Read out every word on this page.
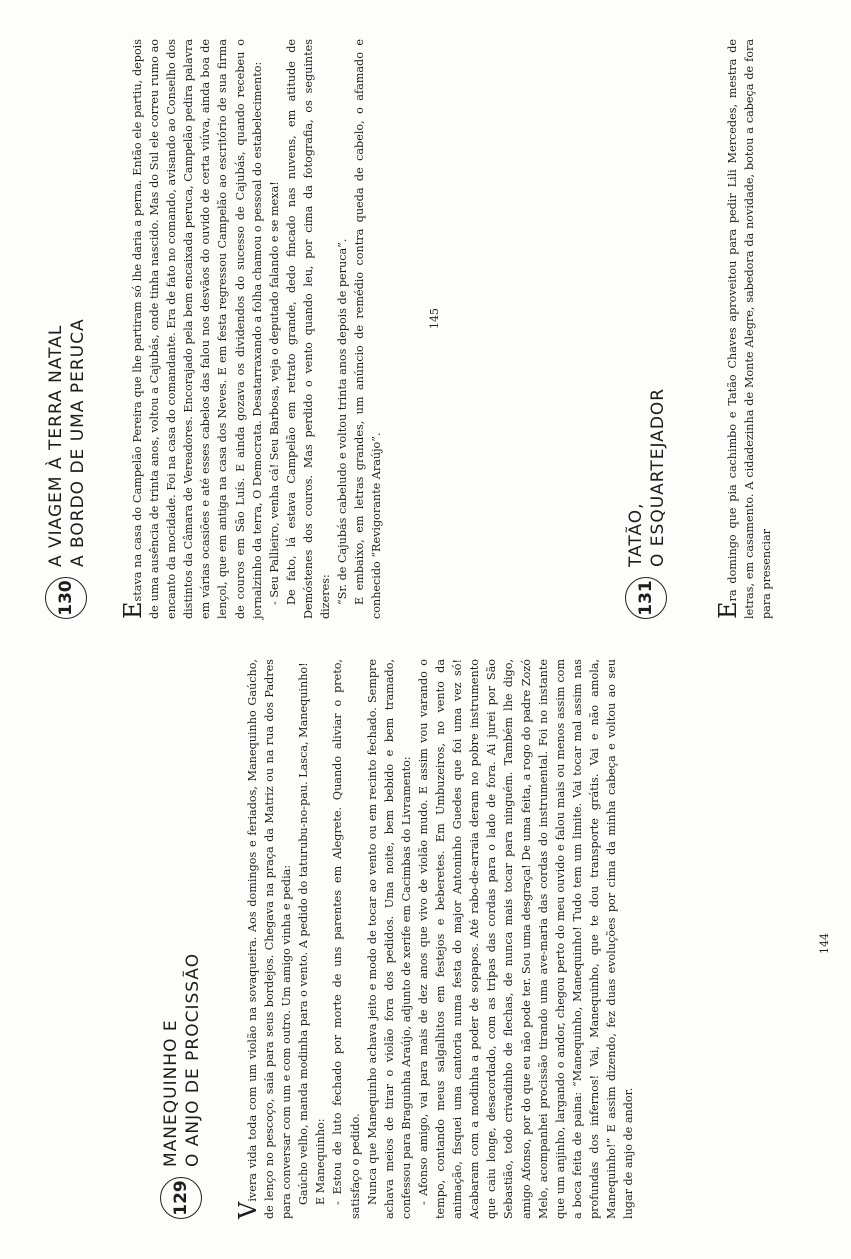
129
MANEQUINHO E O ANJO DE PROCISSÃO

Vivera vida toda com um violão na sovaqueira. Aos domingos e feriados, Manequinho Gaúcho, de lenço no pescoço, saía para seus bordejos. Chegava na praça da Matriz ou na rua dos Padres para conversar com um e com outro. Um amigo vinha e pedia: Gaúcho velho, manda modinha para o vento. A pedido do taturubu-no-pau. Lasca, Manequinho! E Manequinho: - Estou de luto fechado por morte de uns parentes em Alegrete. Quando aliviar o preto, satisfaço o pedido. Nunca que Manequinho achava jeito e modo de tocar ao vento ou em recinto fechado. Sempre achava meios de tirar o violão fora dos pedidos. Uma noite, bem bebido e bem tramado, confessou para Braguinha Araújo, adjunto de xerife em Cacimbas do Livramento: - Afonso amigo, vai para mais de dez anos que vivo de violão mudo. E assim vou varando o tempo, contando meus salgalhitos em festejos e beberetes. Em Umbuzeiros, no vento da animação, fisquei uma cantoria numa festa do major Antoninho Guedes que foi uma vez só! Acabaram com a modinha a poder de sopapos. Até rabo-de-arraia deram no pobre instrumento que caiu longe, desacordado, com as tripas das cordas para o lado de fora. Ai jurei por São Sebastião, todo crivadinho de flechas, de nunca mais tocar para ninguém. Também lhe digo, amigo Afonso, por do que eu não pode ter. Sou uma desgraça! De uma feita, a rogo do padre Zozó Melo, acompanhei procissão tirando uma ave-maria das cordas do instrumental. Foi no instante que um anjinho, largando o andor, chegou perto do meu ouvido e falou mais ou menos assim com a boca feita de paina: “Manequinho, Manequinho! Tudo tem um limite. Vai tocar mal assim nas profundas dos infernos! Vai, Manequinho, que te dou transporte grátis. Vai e não amola, Manequinho!” E assim dizendo, fez duas evoluções por cima da minha cabeça e voltou ao seu lugar de anjo de andor.

144
130
A VIAGEM À TERRA NATAL A BORDO DE UMA PERUCA

Estava na casa do Campelão Pereira que lhe partiram só lhe daria a perna. Então ele partiu, depois de uma ausência de trinta anos, voltou a Cajubás, onde tinha nascido. Mas do Sul ele correu rumo ao encanto da mocidade. Foi na casa do comandante. Era de fato no comando, avisando ao Conselho dos distintos da Câmara de Vereadores. Encorajado pela bem encaixada peruca, Campelão pedira palavra em várias ocasiões e até esses cabelos das falou nos desvãos do ouvido de certa viúva, ainda boa de lençol, que em antiga na casa dos Neves. E em festa regressou Campelão ao escritório de sua firma de couros em São Luís. E ainda gozava os dividendos do sucesso de Cajubás, quando recebeu o jornalzinho da terra, O Democrata. Desatarraxando a folha chamou o pessoal do estabelecimento: - Seu Pallieiro, venha cá! Seu Barbosa, veja o deputado falando e se mexa! De fato, lá estava Campelão em retrato grande, dedo fincado nas nuvens, em atitude de Demóstenes dos couros. Mas perdido o vento quando leu, por cima da fotografia, os seguintes dizeres: “Sr. de Cajubás cabeludo e voltou trinta anos depois de peruca”. E embaixo, em letras grandes, um anúncio de remédio contra queda de cabelo, o afamado e conhecido “Revigorante Araújo”.	131
TATÃO, O ESQUARTEJADOR

Era domingo que pia cachimbo e Tatão Chaves aproveitou para pedir Lili Mercedes, mestra de letras, em casamento. A cidadezinha de Monte Alegre, sabedora da novidade, botou a cabeça de fora para presenciar

145
